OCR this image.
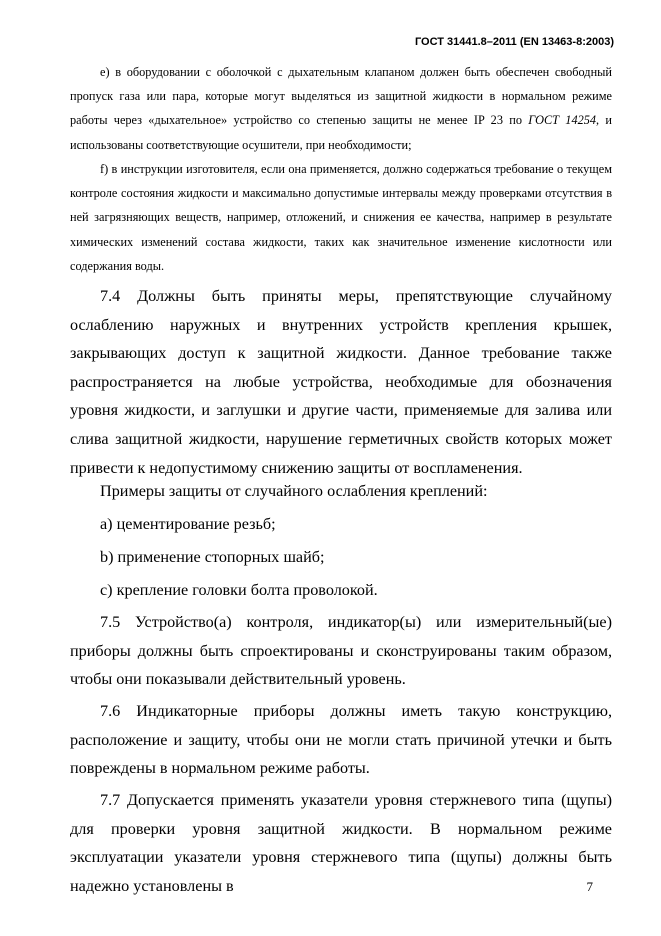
ГОСТ 31441.8–2011 (EN 13463-8:2003)

е) в оборудовании с оболочкой с дыхательным клапаном должен быть обеспечен свободный пропуск газа или пара, которые могут выделяться из защитной жидкости в нормальном режиме работы через «дыхательное» устройство со степенью защиты не менее IP 23 по ГОСТ 14254, и использованы соответствующие осушители, при необходимости;

f) в инструкции изготовителя, если она применяется, должно содержаться требование о текущем контроле состояния жидкости и максимально допустимые интервалы между проверками отсутствия в ней загрязняющих веществ, например, отложений, и снижения ее качества, например в результате химических изменений состава жидкости, таких как значительное изменение кислотности или содержания воды.

7.4 Должны быть приняты меры, препятствующие случайному ослаблению наружных и внутренних устройств крепления крышек, закрывающих доступ к защитной жидкости. Данное требование также распространяется на любые устройства, необходимые для обозначения уровня жидкости, и заглушки и другие части, применяемые для залива или слива защитной жидкости, нарушение герметичных свойств которых может привести к недопустимому снижению защиты от воспламенения.

Примеры защиты от случайного ослабления креплений:

а) цементирование резьб;

b) применение стопорных шайб;

с) крепление головки болта проволокой.

7.5 Устройство(а) контроля, индикатор(ы) или измерительный(ые) приборы должны быть спроектированы и сконструированы таким образом, чтобы они показывали действительный уровень.

7.6 Индикаторные приборы должны иметь такую конструкцию, расположение и защиту, чтобы они не могли стать причиной утечки и быть повреждены в нормальном режиме работы.

7.7 Допускается применять указатели уровня стержневого типа (щупы) для проверки уровня защитной жидкости. В нормальном режиме эксплуатации указатели уровня стержневого типа (щупы) должны быть надежно установлены в	7
